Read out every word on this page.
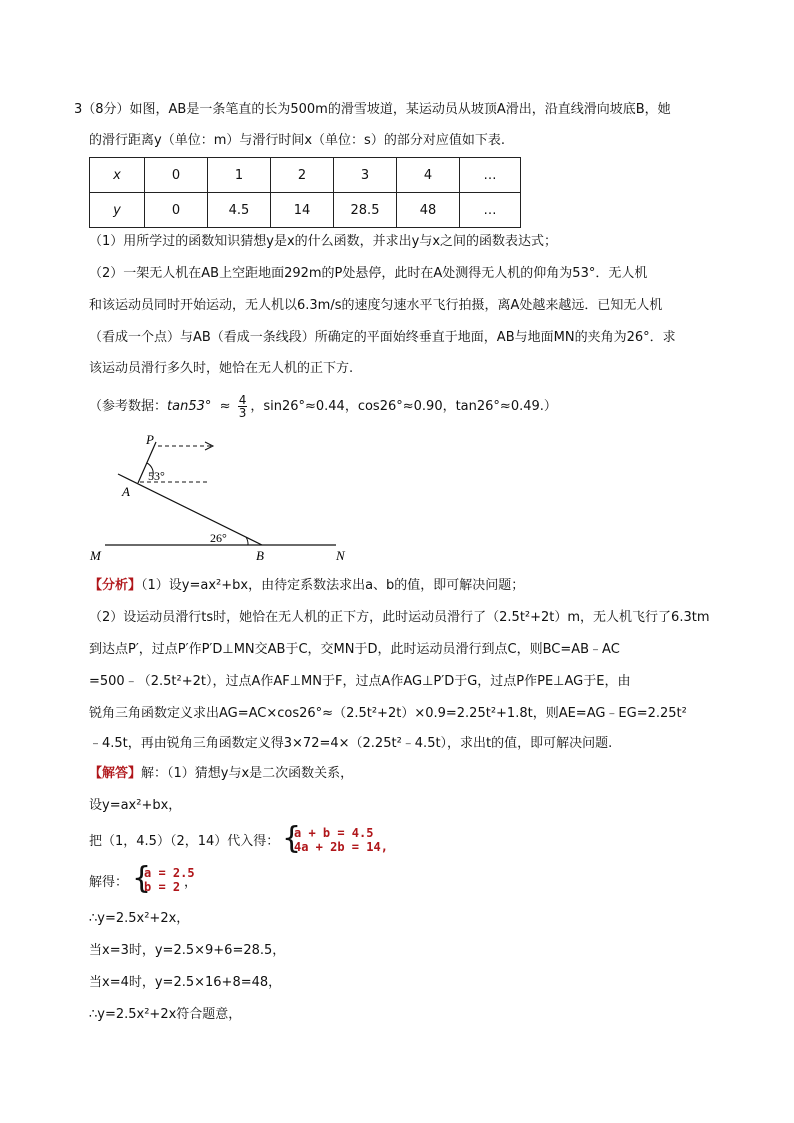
3（8分）如图，AB是一条笔直的长为500m的滑雪坡道，某运动员从坡顶A滑出，沿直线滑向坡底B，她
的滑行距离y（单位：m）与滑行时间x（单位：s）的部分对应值如下表.
x	0	1	2	3	4	…
y	0	4.5	14	28.5	48	…
（1）用所学过的函数知识猜想y是x的什么函数，并求出y与x之间的函数表达式；
（2）一架无人机在AB上空距地面292m的P处悬停，此时在A处测得无人机的仰角为53°．无人机
和该运动员同时开始运动，无人机以6.3m/s的速度匀速水平飞行拍摄，离A处越来越远．已知无人机
（看成一个点）与AB（看成一条线段）所确定的平面始终垂直于地面，AB与地面MN的夹角为26°．求
该运动员滑行多久时，她恰在无人机的正下方.
（参考数据：$\tan 53^\circ \approx \frac{4}{3}$ ，sin26°≈0.44，cos26°≈0.90，tan26°≈0.49.）
P
A
B
M	N
53°
26°
【分析】（1）设y=ax²+bx，由待定系数法求出a、b的值，即可解决问题；
（2）设运动员滑行ts时，她恰在无人机的正下方，此时运动员滑行了（2.5t²+2t）m，无人机飞行了6.3tm
到达点P′，过点P′作P′D⊥MN交AB于C，交MN于D，此时运动员滑行到点C，则BC=AB﹣AC
=500﹣（2.5t²+2t），过点A作AF⊥MN于F，过点A作AG⊥P′D于G，过点P作PE⊥AG于E，由
锐角三角函数定义求出AG=AC×cos26°≈（2.5t²+2t）×0.9=2.25t²+1.8t，则AE=AG﹣EG=2.25t²
﹣4.5t，再由锐角三角函数定义得3×72=4×（2.25t²﹣4.5t），求出t的值，即可解决问题.
【解答】解：（1）猜想y与x是二次函数关系，
设y=ax²+bx，
把（1，4.5）（2，14）代入得： {
a + b = 4.5
4a + 2b = 14,
解得： {
a = 2.5
b = 2 ，
∴y=2.5x²+2x，
当x=3时，y=2.5×9+6=28.5，
当x=4时，y=2.5×16+8=48，
∴y=2.5x²+2x符合题意，
